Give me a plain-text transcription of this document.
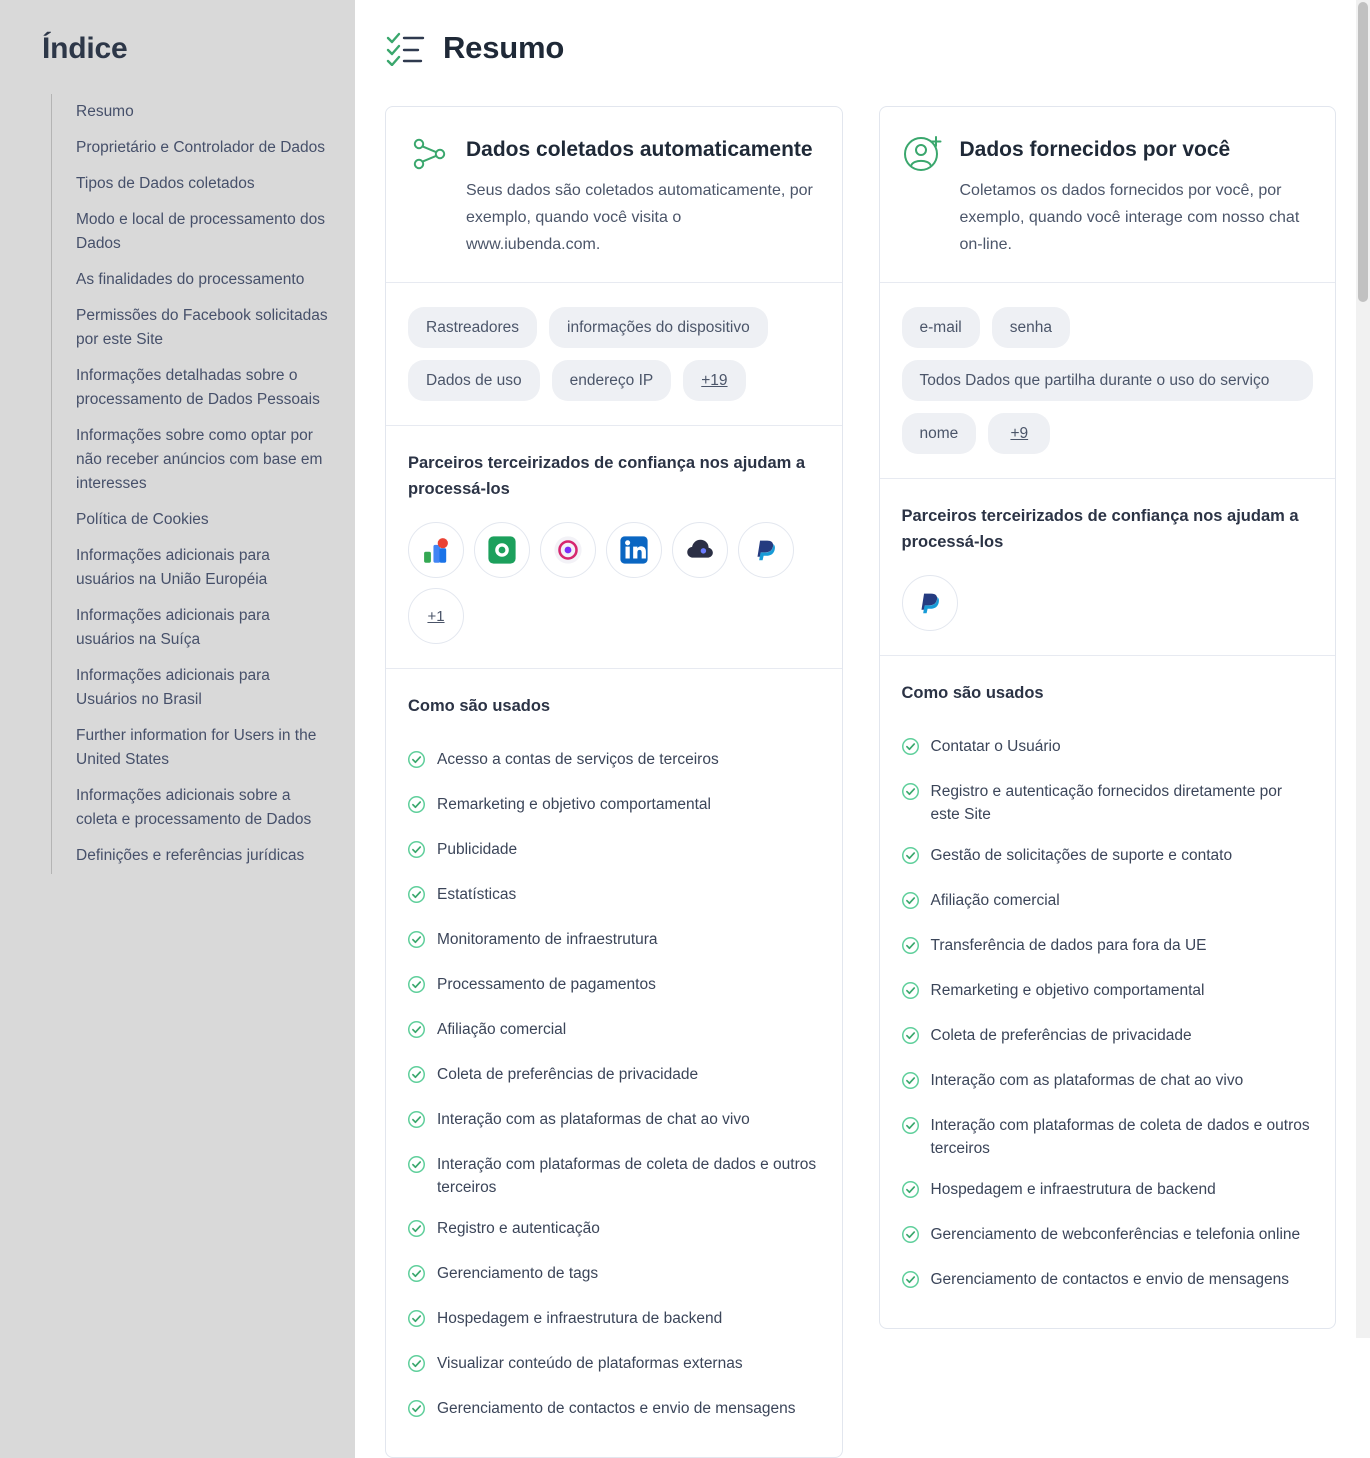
Índice
Resumo
Proprietário e Controlador de Dados
Tipos de Dados coletados
Modo e local de processamento dos Dados
As finalidades do processamento
Permissões do Facebook solicitadas por este Site
Informações detalhadas sobre o processamento de Dados Pessoais
Informações sobre como optar por não receber anúncios com base em interesses
Política de Cookies
Informações adicionais para usuários na União Européia
Informações adicionais para usuários na Suíça
Informações adicionais para Usuários no Brasil
Further information for Users in the United States
Informações adicionais sobre a coleta e processamento de Dados
Definições e referências jurídicas
Resumo
Dados coletados automaticamente

Seus dados são coletados automaticamente, por exemplo, quando você visita o www.iubenda.com.

Rastreadores	informações do dispositivo
Dados de uso	endereço IP	+19
Parceiros terceirizados de confiança nos ajudam a processá-los
+1
Como são usados
Acesso a contas de serviços de terceiros
Remarketing e objetivo comportamental
Publicidade
Estatísticas
Monitoramento de infraestrutura
Processamento de pagamentos
Afiliação comercial
Coleta de preferências de privacidade
Interação com as plataformas de chat ao vivo
Interação com plataformas de coleta de dados e outros terceiros
Registro e autenticação
Gerenciamento de tags
Hospedagem e infraestrutura de backend
Visualizar conteúdo de plataformas externas
Gerenciamento de contactos e envio de mensagens
Dados fornecidos por você

Coletamos os dados fornecidos por você, por exemplo, quando você interage com nosso chat on-line.

e-mail	senha
Todos Dados que partilha durante o uso do serviço
nome	+9
Parceiros terceirizados de confiança nos ajudam a processá-los
Como são usados
Contatar o Usuário
Registro e autenticação fornecidos diretamente por este Site
Gestão de solicitações de suporte e contato
Afiliação comercial
Transferência de dados para fora da UE
Remarketing e objetivo comportamental
Coleta de preferências de privacidade
Interação com as plataformas de chat ao vivo
Interação com plataformas de coleta de dados e outros terceiros
Hospedagem e infraestrutura de backend
Gerenciamento de webconferências e telefonia online
Gerenciamento de contactos e envio de mensagens
